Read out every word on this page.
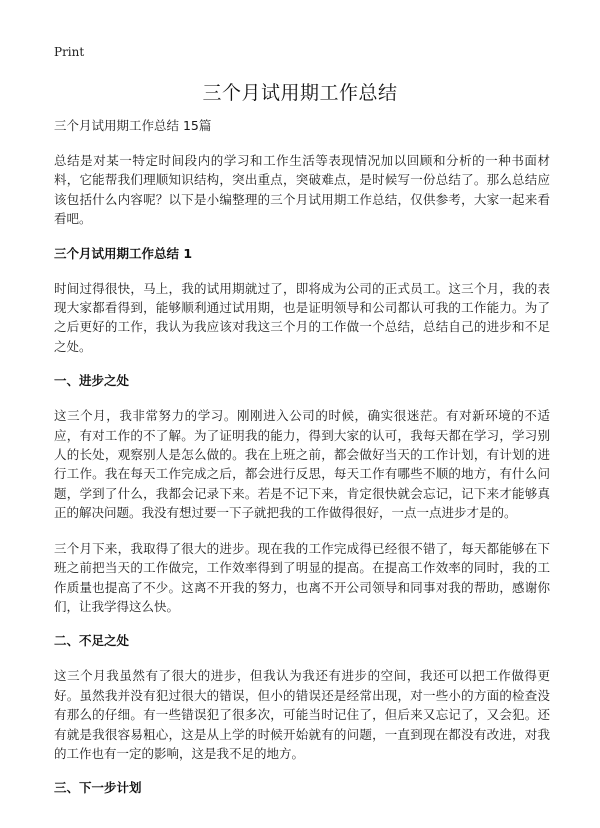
Print
三个月试用期工作总结
三个月试用期工作总结 15篇

总结是对某一特定时间段内的学习和工作生活等表现情况加以回顾和分析的一种书面材料，它能帮我们理顺知识结构，突出重点，突破难点，是时候写一份总结了。那么总结应该包括什么内容呢？以下是小编整理的三个月试用期工作总结，仅供参考，大家一起来看看吧。

三个月试用期工作总结 1

时间过得很快，马上，我的试用期就过了，即将成为公司的正式员工。这三个月，我的表现大家都看得到，能够顺利通过试用期，也是证明领导和公司都认可我的工作能力。为了之后更好的工作，我认为我应该对我这三个月的工作做一个总结，总结自己的进步和不足之处。

一、进步之处

这三个月，我非常努力的学习。刚刚进入公司的时候，确实很迷茫。有对新环境的不适应，有对工作的不了解。为了证明我的能力，得到大家的认可，我每天都在学习，学习别人的长处，观察别人是怎么做的。我在上班之前，都会做好当天的工作计划，有计划的进行工作。我在每天工作完成之后，都会进行反思，每天工作有哪些不顺的地方，有什么问题，学到了什么，我都会记录下来。若是不记下来，肯定很快就会忘记，记下来才能够真正的解决问题。我没有想过要一下子就把我的工作做得很好，一点一点进步才是的。

三个月下来，我取得了很大的进步。现在我的工作完成得已经很不错了，每天都能够在下班之前把当天的工作做完，工作效率得到了明显的提高。在提高工作效率的同时，我的工作质量也提高了不少。这离不开我的努力，也离不开公司领导和同事对我的帮助，感谢你们，让我学得这么快。

二、不足之处

这三个月我虽然有了很大的进步，但我认为我还有进步的空间，我还可以把工作做得更好。虽然我并没有犯过很大的错误，但小的错误还是经常出现，对一些小的方面的检查没有那么的仔细。有一些错误犯了很多次，可能当时记住了，但后来又忘记了，又会犯。还有就是我很容易粗心，这是从上学的时候开始就有的问题，一直到现在都没有改进，对我的工作也有一定的影响，这是我不足的地方。

三、下一步计划
